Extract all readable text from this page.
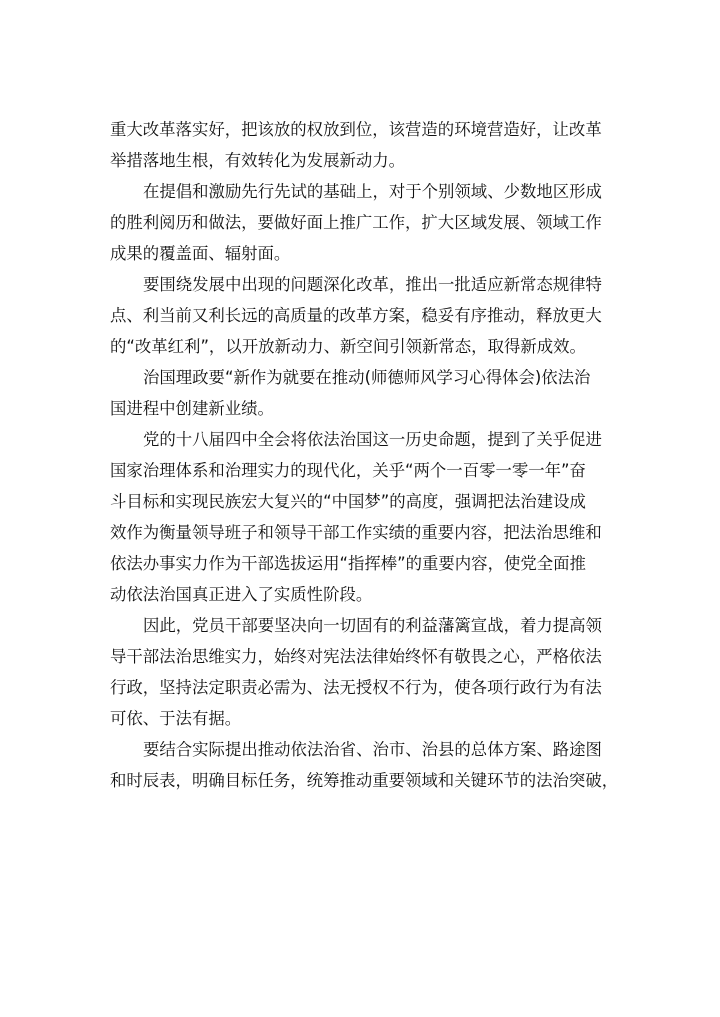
重大改革落实好，把该放的权放到位，该营造的环境营造好，让改革
举措落地生根，有效转化为发展新动力。
在提倡和激励先行先试的基础上，对于个别领域、少数地区形成
的胜利阅历和做法，要做好面上推广工作，扩大区域发展、领域工作
成果的覆盖面、辐射面。
要围绕发展中出现的问题深化改革，推出一批适应新常态规律特
点、利当前又利长远的高质量的改革方案，稳妥有序推动，释放更大
的“改革红利”，以开放新动力、新空间引领新常态，取得新成效。
治国理政要“新作为就要在推动(师德师风学习心得体会)依法治
国进程中创建新业绩。
党的十八届四中全会将依法治国这一历史命题，提到了关乎促进
国家治理体系和治理实力的现代化，关乎“两个一百零一零一年”奋
斗目标和实现民族宏大复兴的“中国梦”的高度，强调把法治建设成
效作为衡量领导班子和领导干部工作实绩的重要内容，把法治思维和
依法办事实力作为干部选拔运用“指挥棒”的重要内容，使党全面推
动依法治国真正进入了实质性阶段。
因此，党员干部要坚决向一切固有的利益藩篱宣战，着力提高领
导干部法治思维实力，始终对宪法法律始终怀有敬畏之心，严格依法
行政，坚持法定职责必需为、法无授权不行为，使各项行政行为有法
可依、于法有据。
要结合实际提出推动依法治省、治市、治县的总体方案、路途图
和时辰表，明确目标任务，统筹推动重要领域和关键环节的法治突破，
